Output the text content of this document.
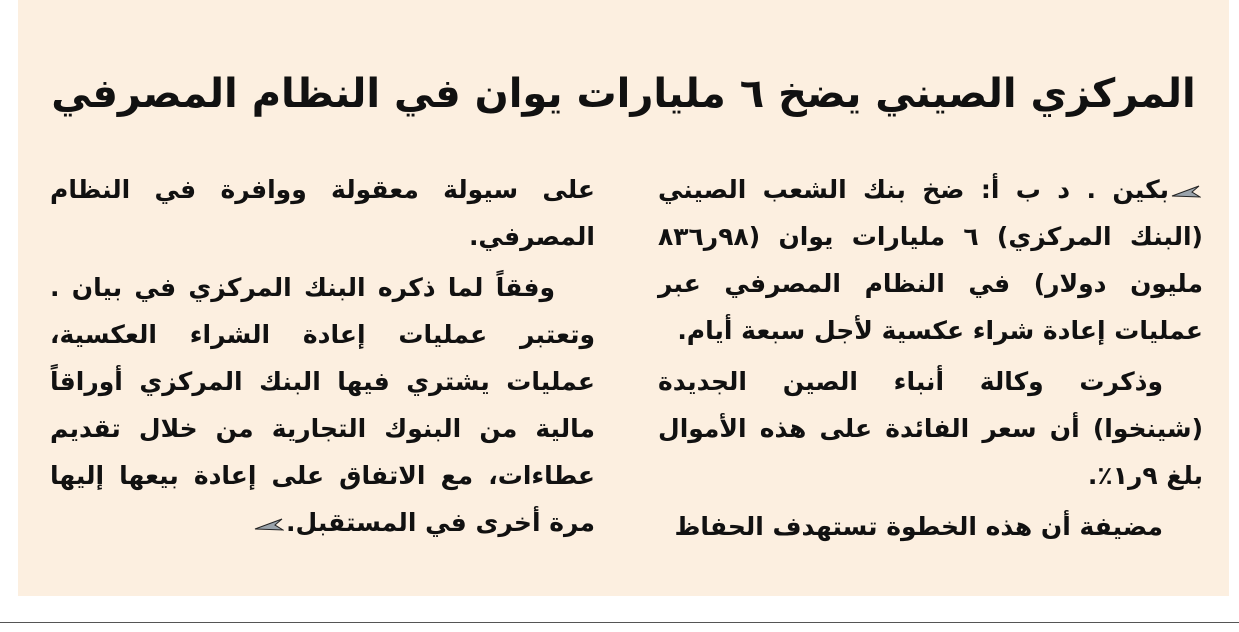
المركزي الصيني يضخ ٦ مليارات يوان في النظام المصرفي

بكين . د ب أ: ضخ بنك الشعب الصيني (البنك المركزي) ٦ مليارات يوان (٩٨ر٨٣٦ مليون دولار) في النظام المصرفي عبر عمليات إعادة شراء عكسية لأجل سبعة أيام.

وذكرت وكالة أنباء الصين الجديدة (شينخوا) أن سعر الفائدة على هذه الأموال بلغ ٩ر١٪.

مضيفة أن هذه الخطوة تستهدف الحفاظ

على سيولة معقولة ووافرة في النظام المصرفي.

وفقاً لما ذكره البنك المركزي في بيان . وتعتبر عمليات إعادة الشراء العكسية، عمليات يشتري فيها البنك المركزي أوراقاً مالية من البنوك التجارية من خلال تقديم عطاءات، مع الاتفاق على إعادة بيعها إليها مرة أخرى في المستقبل.
